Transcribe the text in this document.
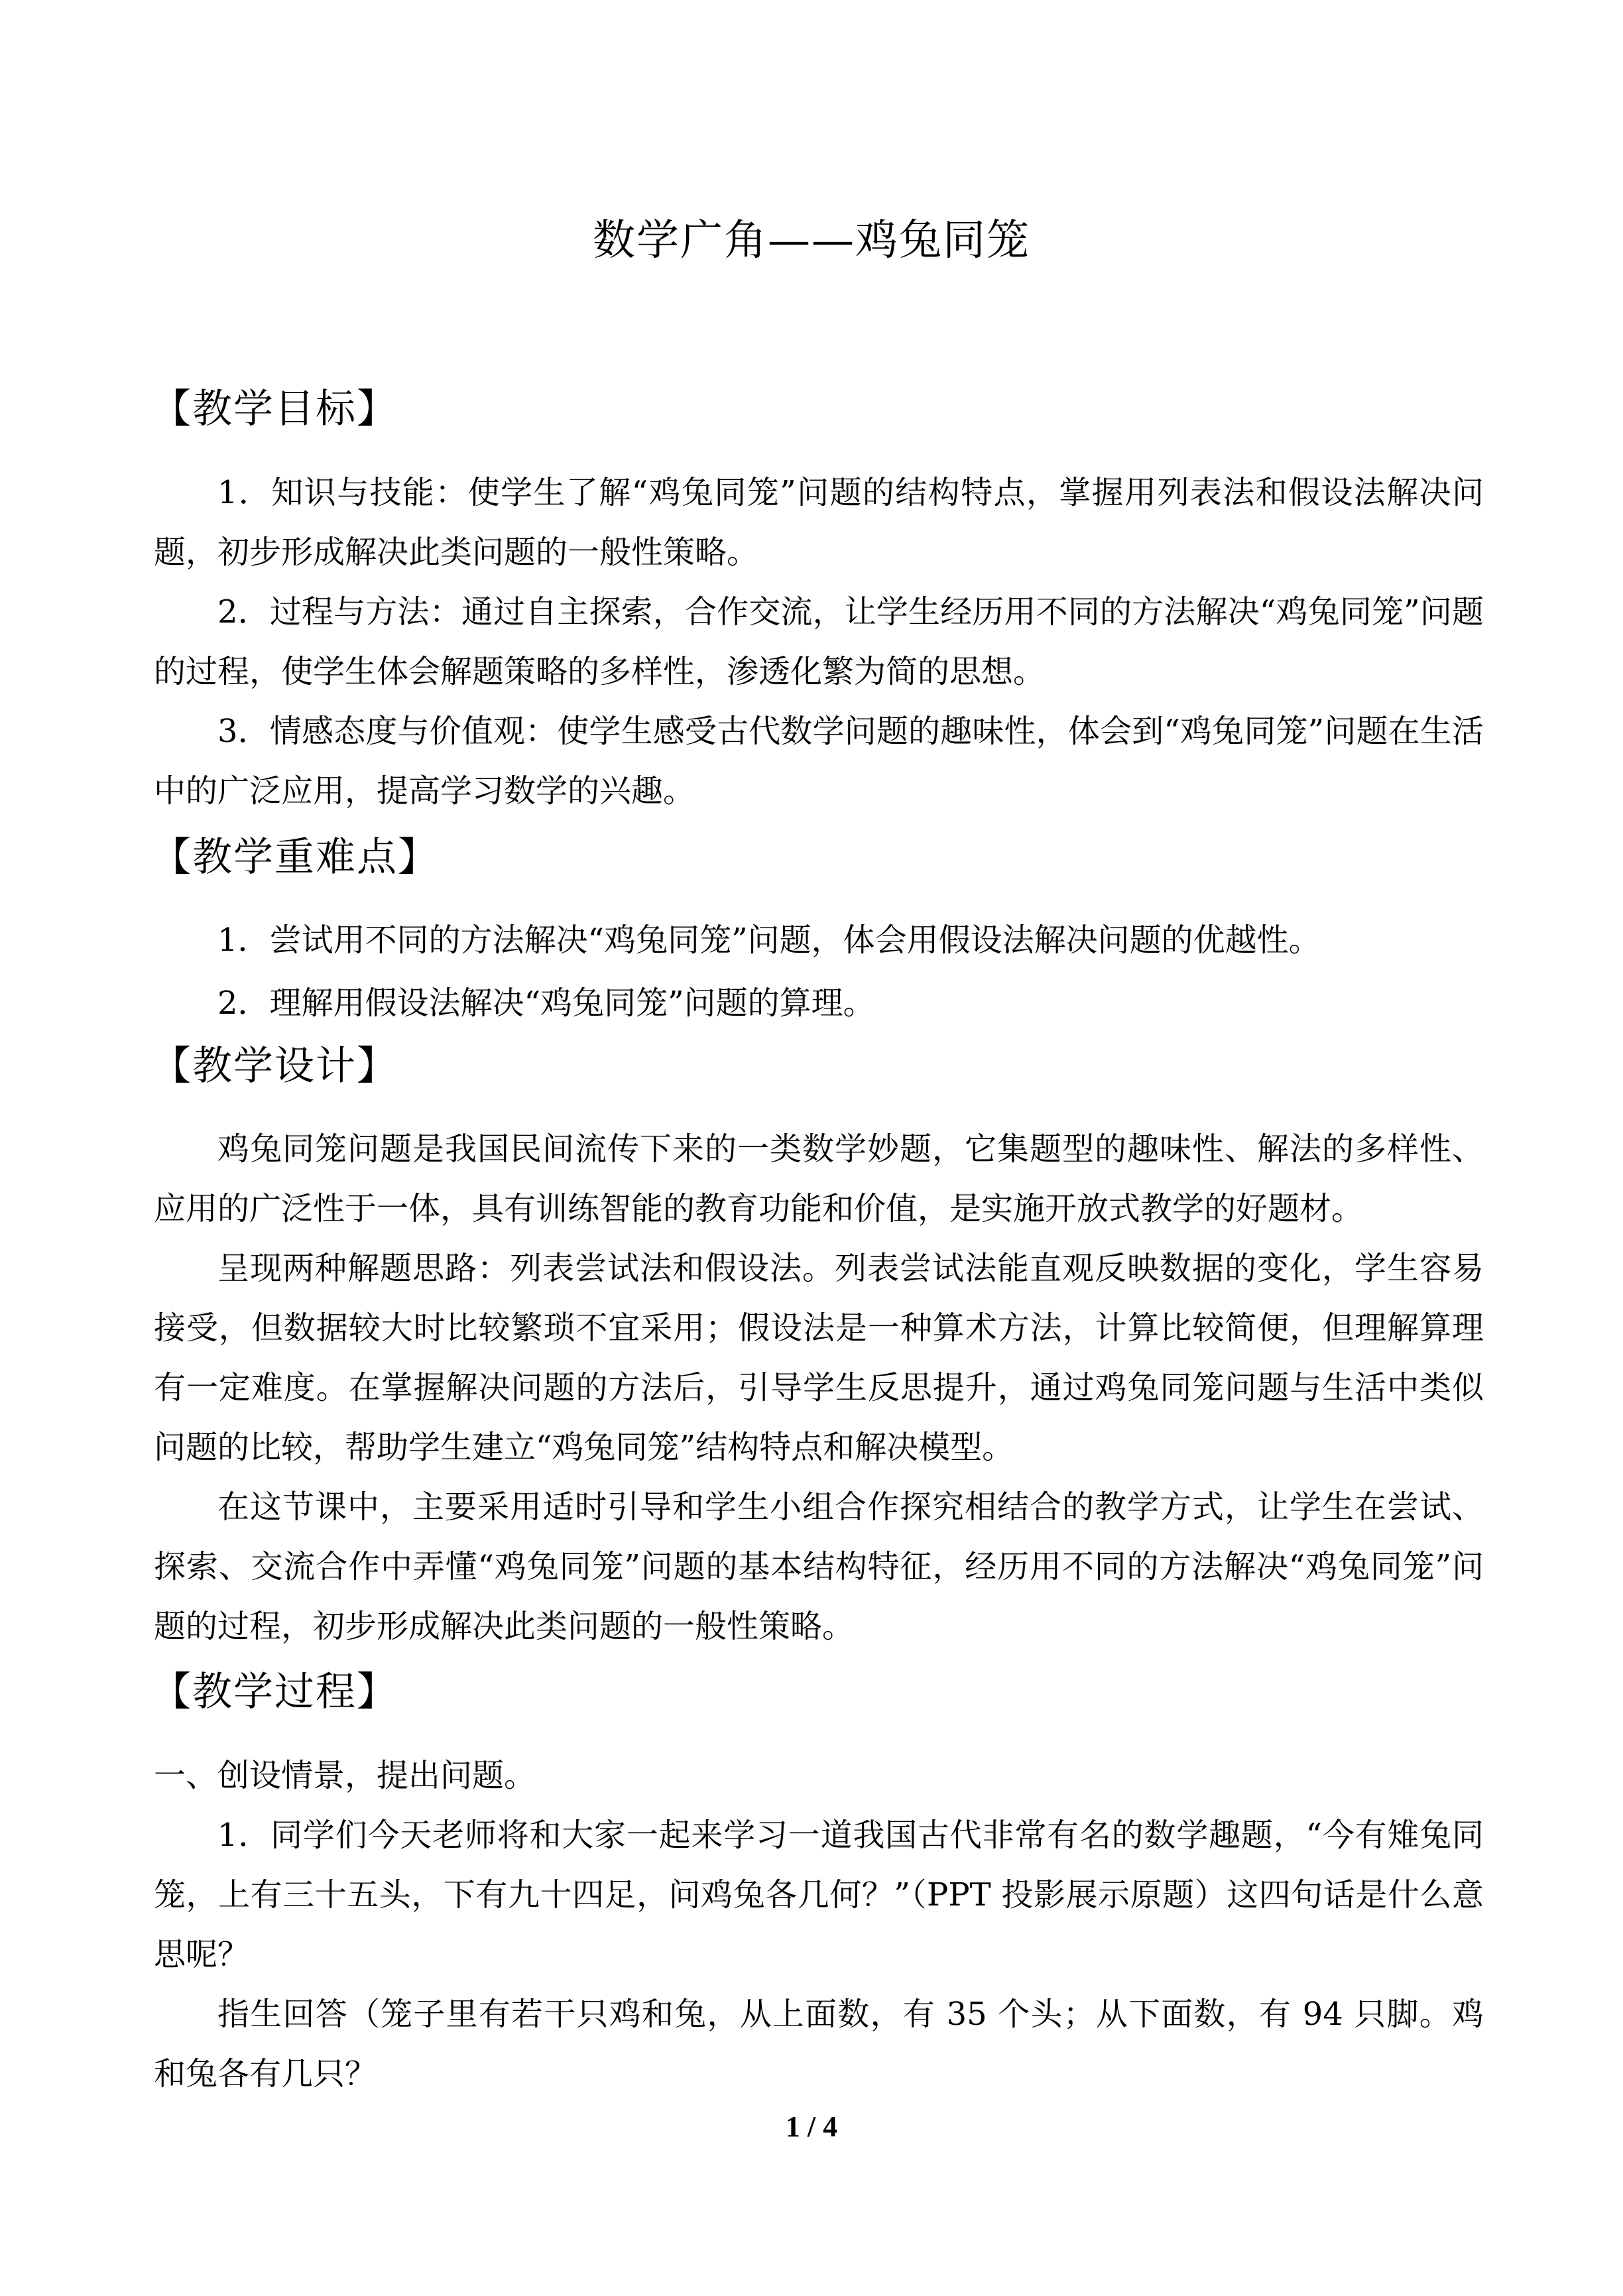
数学广角——鸡兔同笼
【教学目标】

1．知识与技能：使学生了解“鸡兔同笼”问题的结构特点，掌握用列表法和假设法解决问题，初步形成解决此类问题的一般性策略。

2．过程与方法：通过自主探索，合作交流，让学生经历用不同的方法解决“鸡兔同笼”问题的过程，使学生体会解题策略的多样性，渗透化繁为简的思想。

3．情感态度与价值观：使学生感受古代数学问题的趣味性，体会到“鸡兔同笼”问题在生活中的广泛应用，提高学习数学的兴趣。

【教学重难点】

1．尝试用不同的方法解决“鸡兔同笼”问题，体会用假设法解决问题的优越性。

2．理解用假设法解决“鸡兔同笼”问题的算理。

【教学设计】

鸡兔同笼问题是我国民间流传下来的一类数学妙题，它集题型的趣味性、解法的多样性、应用的广泛性于一体，具有训练智能的教育功能和价值，是实施开放式教学的好题材。

呈现两种解题思路：列表尝试法和假设法。列表尝试法能直观反映数据的变化，学生容易接受，但数据较大时比较繁琐不宜采用；假设法是一种算术方法，计算比较简便，但理解算理有一定难度。在掌握解决问题的方法后，引导学生反思提升，通过鸡兔同笼问题与生活中类似问题的比较，帮助学生建立“鸡兔同笼”结构特点和解决模型。

在这节课中，主要采用适时引导和学生小组合作探究相结合的教学方式，让学生在尝试、探索、交流合作中弄懂“鸡兔同笼”问题的基本结构特征，经历用不同的方法解决“鸡兔同笼”问题的过程，初步形成解决此类问题的一般性策略。

【教学过程】

一、创设情景，提出问题。

1．同学们今天老师将和大家一起来学习一道我国古代非常有名的数学趣题，“今有雉兔同笼，上有三十五头，下有九十四足，问鸡兔各几何？”（PPT 投影展示原题）这四句话是什么意思呢？

指生回答（笼子里有若干只鸡和兔，从上面数，有 35 个头；从下面数，有 94 只脚。鸡和兔各有几只？

1 / 4
